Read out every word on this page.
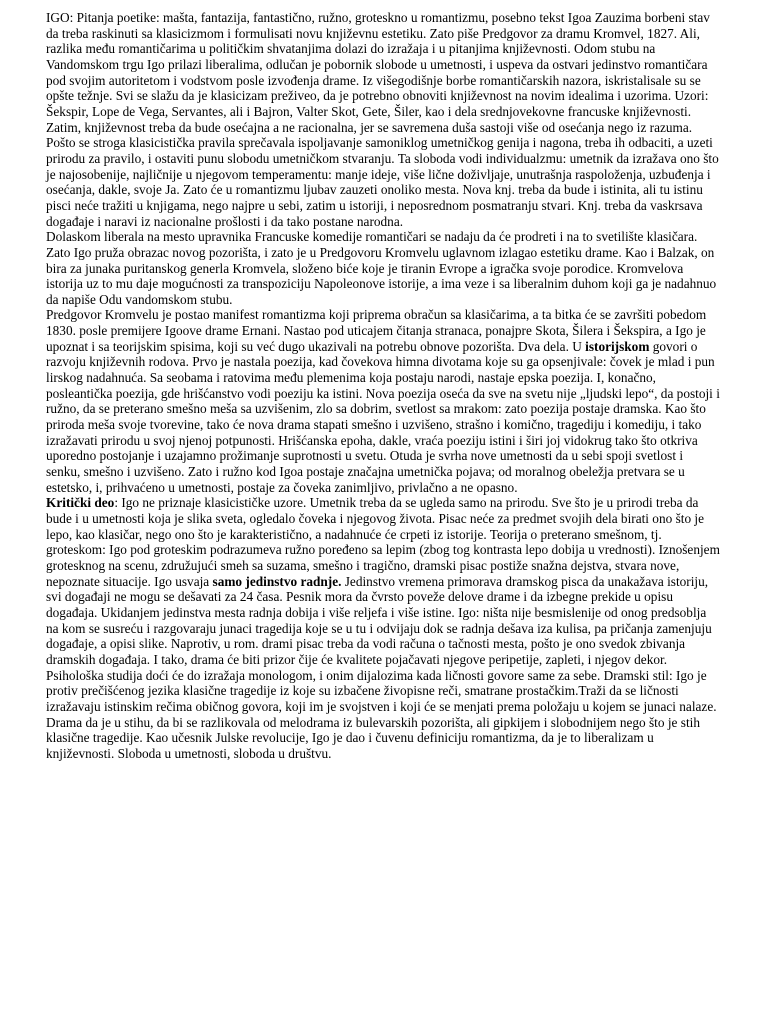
IGO: Pitanja poetike: mašta, fantazija, fantastično, ružno, groteskno u romantizmu, posebno tekst Igoa Zauzima borbeni stav da treba raskinuti sa klasicizmom i formulisati novu književnu estetiku. Zato piše Predgovor za dramu Kromvel, 1827. Ali, razlika među romantičarima u političkim shvatanjima dolazi do izražaja i u pitanjima književnosti. Odom stubu na Vandomskom trgu Igo prilazi liberalima, odlučan je pobornik slobode u umetnosti, i uspeva da ostvari jedinstvo romantičara pod svojim autoritetom i vodstvom posle izvođenja drame. Iz višegodišnje borbe romantičarskih nazora, iskristalisale su se opšte težnje. Svi se slažu da je klasicizam preživeo, da je potrebno obnoviti književnost na novim idealima i uzorima. Uzori: Šekspir, Lope de Vega, Servantes, ali i Bajron, Valter Skot, Gete, Šiler, kao i dela srednjovekovne francuske književnosti. Zatim, književnost treba da bude osećajna a ne racionalna, jer se savremena duša sastoji više od osećanja nego iz razuma. Pošto se stroga klasicistička pravila sprečavala ispoljavanje samoniklog umetničkog genija i nagona, treba ih odbaciti, a uzeti prirodu za pravilo, i ostaviti punu slobodu umetničkom stvaranju. Ta sloboda vodi individualzmu: umetnik da izražava ono što je najosobenije, najličnije u njegovom temperamentu: manje ideje, više lične doživljaje, unutrašnja raspoloženja, uzbuđenja i osećanja, dakle, svoje Ja. Zato će u romantizmu ljubav zauzeti onoliko mesta. Nova knj. treba da bude i istinita, ali tu istinu pisci neće tražiti u knjigama, nego najpre u sebi, zatim u istoriji, i neposrednom posmatranju stvari. Knj. treba da vaskrsava događaje i naravi iz nacionalne prošlosti i da tako postane narodna.

Dolaskom liberala na mesto upravnika Francuske komedije romantičari se nadaju da će prodreti i na to svetilište klasičara. Zato Igo pruža obrazac novog pozorišta, i zato je u Predgovoru Kromvelu uglavnom izlagao estetiku drame. Kao i Balzak, on bira za junaka puritanskog generla Kromvela, složeno biće koje je tiranin Evrope a igračka svoje porodice. Kromvelova istorija uz to mu daje mogućnosti za transpoziciju Napoleonove istorije, a ima veze i sa liberalnim duhom koji ga je nadahnuo da napiše Odu vandomskom stubu.

Predgovor Kromvelu je postao manifest romantizma koji pripremа obračun sa klasičarima, a ta bitka će se završiti pobedom 1830. posle premijere Igoove drame Ernani. Nastao pod uticajem čitanja stranaca, ponajpre Skota, Šilera i Šekspira, a Igo je upoznat i sa teorijskim spisima, koji su već dugo ukazivali na potrebu obnove pozorišta. Dva dela. U istorijskom govori o razvoju književnih rodova. Prvo je nastala poezija, kad čovekova himna divotama koje su ga opsenjivale: čovek je mlad i pun lirskog nadahnuća. Sa seobama i ratovima među plemenima koja postaju narodi, nastaje epska poezija. I, konačno, posleantička poezija, gde hrišćanstvo vodi poeziju ka istini. Nova poezija oseća da sve na svetu nije „ljudski lepo“, da postoji i ružno, da se preterano smešno meša sa uzvišenim, zlo sa dobrim, svetlost sa mrakom: zato poezija postaje dramska. Kao što priroda meša svoje tvorevine, tako će nova drama stapati smešno i uzvišeno, strašno i komično, tragediju i komediju, i tako izražavati prirodu u svoj njenoj potpunosti. Hrišćanska epoha, dakle, vraća poeziju istini i širi joj vidokrug tako što otkriva uporedno postojanje i uzajamno prožimanje suprotnosti u svetu. Otuda je svrha nove umetnosti da u sebi spoji svetlost i senku, smešno i uzvišeno. Zato i ružno kod Igoa postaje značajna umetnička pojava; od moralnog obeležja pretvara se u estetsko, i, prihvaćeno u umetnosti, postaje za čoveka zanimljivo, privlačno a ne opasno.

Kritički deo: Igo ne priznaje klasicističke uzore. Umetnik treba da se ugleda samo na prirodu. Sve što je u prirodi treba da bude i u umetnosti koja je slika sveta, ogledalo čoveka i njegovog života. Pisac neće za predmet svojih dela birati ono što je lepo, kao klasičar, nego ono što je karakteristično, a nadahnuće će crpeti iz istorije. Teorija o preterano smešnom, tj. groteskom: Igo pod groteskim podrazumeva ružno poređeno sa lepim (zbog tog kontrasta lepo dobija u vrednosti). Iznošenjem grotesknog na scenu, združujući smeh sa suzama, smešno i tragično, dramski pisac postiže snažna dejstva, stvara nove, nepoznate situacije. Igo usvaja samo jedinstvo radnje. Jedinstvo vremena primorava dramskog pisca da unakažava istoriju, svi događaji ne mogu se dešavati za 24 časa. Pesnik mora da čvrsto poveže delove drame i da izbegne prekide u opisu događaja. Ukidanjem jedinstva mesta radnja dobija i više reljefa i više istine. Igo: ništa nije besmislenije od onog predsoblja na kom se susreću i razgovaraju junaci tragedija koje se u tu i odvijaju dok se radnja dešava iza kulisa, pa pričanja zamenjuju događaje, a opisi slike. Naprotiv, u rom. drami pisac treba da vodi računa o tačnosti mesta, pošto je ono svedok zbivanja dramskih događaja. I tako, drama će biti prizor čije će kvalitete pojačavati njegove peripetije, zapleti, i njegov dekor. Psihološka studija doći će do izražaja monologom, i onim dijalozima kada ličnosti govore same za sebe. Dramski stil: Igo je protiv prečišćenog jezika klasične tragedije iz koje su izbačene živopisne reči, smatrane prostačkim.Traži da se ličnosti izražavaju istinskim rečima običnog govora, koji im je svojstven i koji će se menjati prema položaju u kojem se junaci nalaze. Drama da je u stihu, da bi se razlikovala od melodrama iz bulevarskih pozorišta, ali gipkijem i slobodnijem nego što je stih klasične tragedije. Kao učesnik Julske revolucije, Igo je dao i čuvenu definiciju romantizma, da je to liberalizam u književnosti. Sloboda u umetnosti, sloboda u društvu.
